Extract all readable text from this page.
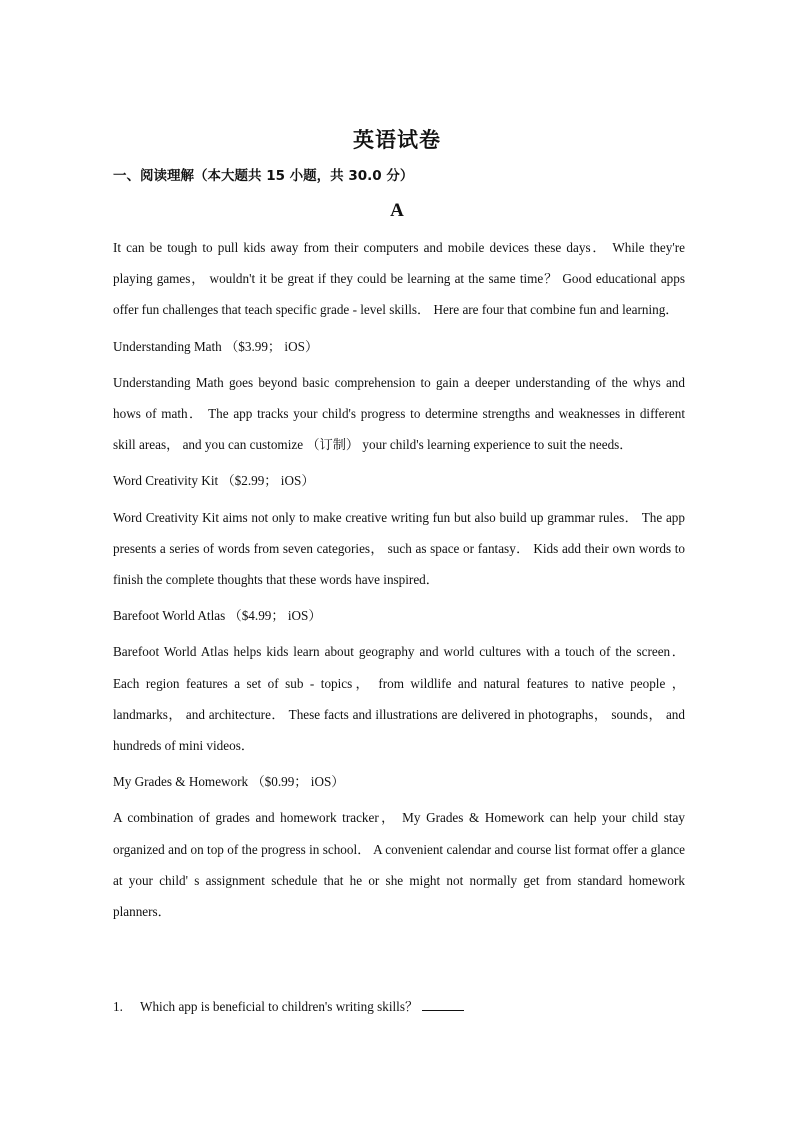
英语试卷
一、阅读理解（本大题共 15 小题，共 30.0 分）
A

It can be tough to pull kids away from their computers and mobile devices these days． While they're playing games， wouldn't it be great if they could be learning at the same time？ Good educational apps offer fun challenges that teach specific grade - level skills． Here are four that combine fun and learning．

Understanding Math （$3.99； iOS）

Understanding Math goes beyond basic comprehension to gain a deeper understanding of the whys and hows of math． The app tracks your child's progress to determine strengths and weaknesses in different skill areas， and you can customize （订制） your child's learning experience to suit the needs．

Word Creativity Kit （$2.99； iOS）

Word Creativity Kit aims not only to make creative writing fun but also build up grammar rules． The app presents a series of words from seven categories， such as space or fantasy． Kids add their own words to finish the complete thoughts that these words have inspired．

Barefoot World Atlas （$4.99； iOS）

Barefoot World Atlas helps kids learn about geography and world cultures with a touch of the screen． Each region features a set of sub - topics， from wildlife and natural features to native people ，landmarks， and architecture． These facts and illustrations are delivered in photographs， sounds， and hundreds of mini videos．

My Grades & Homework （$0.99； iOS）

A combination of grades and homework tracker， My Grades & Homework can help your child stay organized and on top of the progress in school． A convenient calendar and course list format offer a glance at your child' s assignment schedule that he or she might not normally get from standard homework planners．

1. Which app is beneficial to children's writing skills？
